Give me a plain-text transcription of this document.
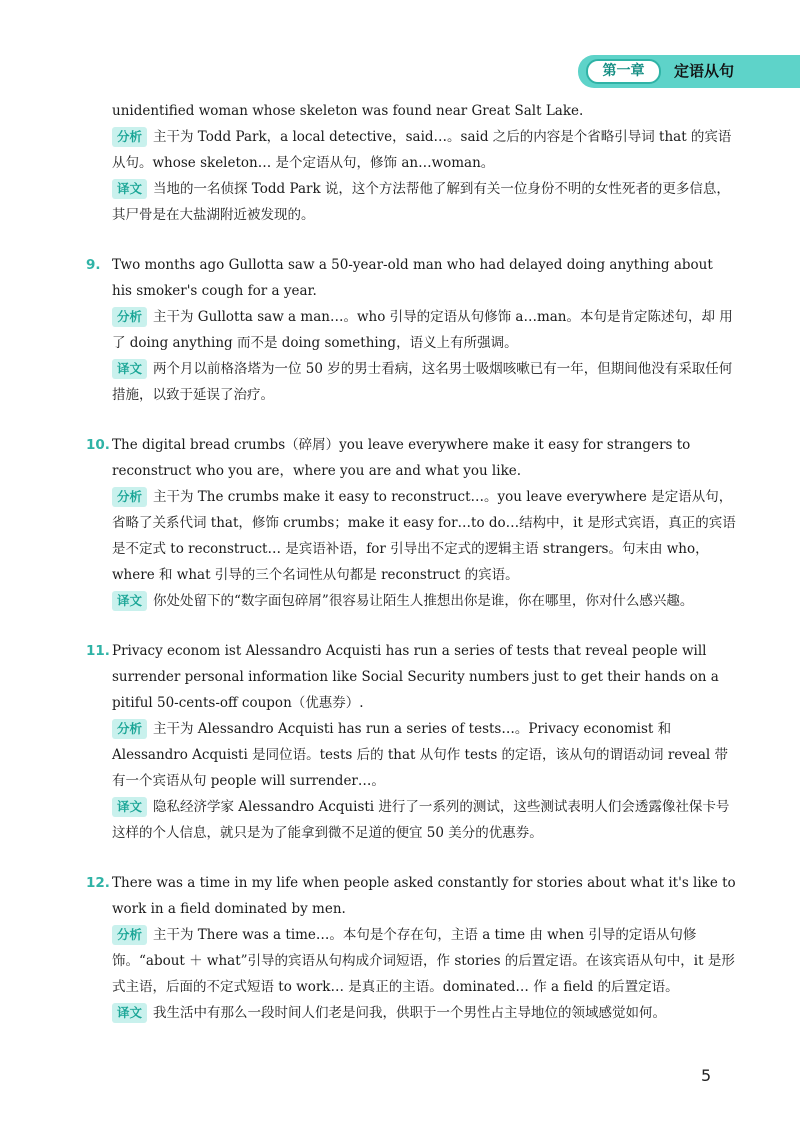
第一章	定语从句

unidentified woman whose skeleton was found near Great Salt Lake.

分析 主干为 Todd Park，a local detective，said…。said 之后的内容是个省略引导词 that 的宾语从句。whose skeleton… 是个定语从句，修饰 an…woman。

译文 当地的一名侦探 Todd Park 说，这个方法帮他了解到有关一位身份不明的女性死者的更多信息，其尸骨是在大盐湖附近被发现的。

9. Two months ago Gullotta saw a 50-year-old man who had delayed doing anything about his smoker's cough for a year.

分析 主干为 Gullotta saw a man…。who 引导的定语从句修饰 a…man。本句是肯定陈述句，却 用了 doing anything 而不是 doing something，语义上有所强调。

译文 两个月以前格洛塔为一位 50 岁的男士看病，这名男士吸烟咳嗽已有一年，但期间他没有采取任何措施，以致于延误了治疗。

10. The digital bread crumbs（碎屑）you leave everywhere make it easy for strangers to reconstruct who you are，where you are and what you like.

分析 主干为 The crumbs make it easy to reconstruct…。you leave everywhere 是定语从句，省略了关系代词 that，修饰 crumbs；make it easy for…to do…结构中，it 是形式宾语，真正的宾语是不定式 to reconstruct… 是宾语补语，for 引导出不定式的逻辑主语 strangers。句末由 who，where 和 what 引导的三个名词性从句都是 reconstruct 的宾语。

译文 你处处留下的“数字面包碎屑”很容易让陌生人推想出你是谁，你在哪里，你对什么感兴趣。

11. Privacy econom ist Alessandro Acquisti has run a series of tests that reveal people will surrender personal information like Social Security numbers just to get their hands on a pitiful 50-cents-off coupon（优惠券）.

分析 主干为 Alessandro Acquisti has run a series of tests…。Privacy economist 和 Alessandro Acquisti 是同位语。tests 后的 that 从句作 tests 的定语，该从句的谓语动词 reveal 带有一个宾语从句 people will surrender…。

译文 隐私经济学家 Alessandro Acquisti 进行了一系列的测试，这些测试表明人们会透露像社保卡号这样的个人信息，就只是为了能拿到微不足道的便宜 50 美分的优惠券。

12. There was a time in my life when people asked constantly for stories about what it's like to work in a field dominated by men.

分析 主干为 There was a time…。本句是个存在句，主语 a time 由 when 引导的定语从句修饰。“about ＋ what”引导的宾语从句构成介词短语，作 stories 的后置定语。在该宾语从句中，it 是形式主语，后面的不定式短语 to work… 是真正的主语。dominated… 作 a field 的后置定语。

译文 我生活中有那么一段时间人们老是问我，供职于一个男性占主导地位的领域感觉如何。

5
